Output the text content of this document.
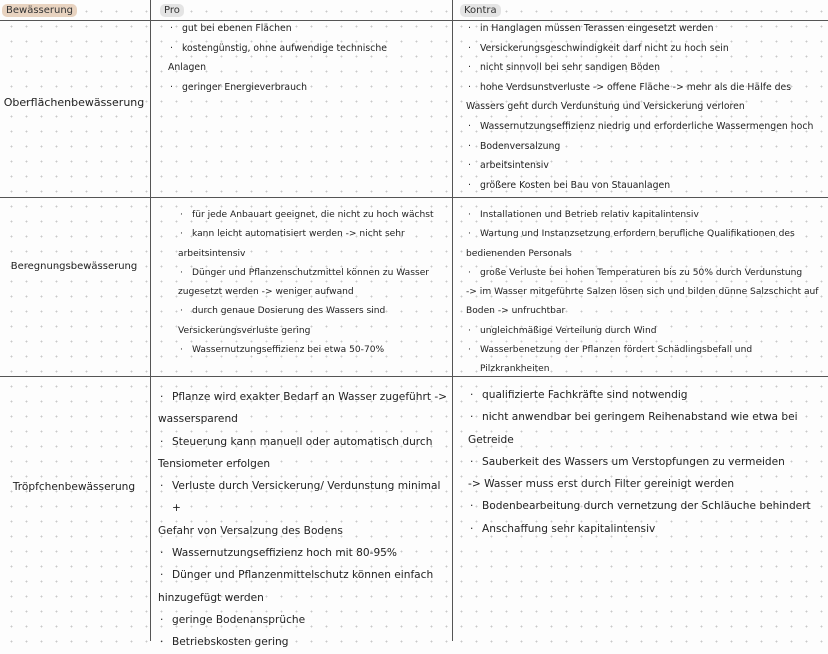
Bewässerung	Pro	Kontra
Oberflächenbewässerung
Beregnungsbewässerung
Tröpfchenbewässerung
· gut bei ebenen Flächen
· kostengünstig, ohne aufwendige technische
Anlagen
· geringer Energieverbrauch
· in Hanglagen müssen Terassen eingesetzt werden
· Versickerungsgeschwindigkeit darf nicht zu hoch sein
· nicht sinnvoll bei sehr sandigen Böden
· hohe Verdsunstverluste -> offene Fläche -> mehr als die Hälfe des
Wassers geht durch Verdunstung und Versickerung verloren
· Wassernutzungseffizienz niedrig und erforderliche Wassermengen hoch
· Bodenversalzung
· arbeitsintensiv
· größere Kosten bei Bau von Stauanlagen
· für jede Anbauart geeignet, die nicht zu hoch wächst
· kann leicht automatisiert werden -> nicht sehr
arbeitsintensiv
· Dünger und Pflanzenschutzmittel können zu Wasser
zugesetzt werden -> weniger aufwand
· durch genaue Dosierung des Wassers sind
Versickerungsverluste gering
· Wassernutzungseffizienz bei etwa 50-70%
· Installationen und Betrieb relativ kapitalintensiv
· Wartung und Instanzsetzung erfordern berufliche Qualifikationen des
bedienenden Personals
· große Verluste bei hohen Temperaturen bis zu 50% durch Verdunstung
-> im Wasser mitgeführte Salzen lösen sich und bilden dünne Salzschicht auf
Boden -> unfruchtbar
· ungleichmäßige Verteilung durch Wind
· Wasserbenetzung der Pflanzen fördert Schädlingsbefall und Pilzkrankheiten
· Pflanze wird exakter Bedarf an Wasser zugeführt ->
wassersparend
· Steuerung kann manuell oder automatisch durch
Tensiometer erfolgen
· Verluste durch Versickerung/ Verdunstung minimal +
Gefahr von Versalzung des Bodens
· Wassernutzungseffizienz hoch mit 80-95%
· Dünger und Pflanzenmittelschutz können einfach
hinzugefügt werden
· geringe Bodenansprüche
· Betriebskosten gering
· qualifizierte Fachkräfte sind notwendig
· nicht anwendbar bei geringem Reihenabstand wie etwa bei
Getreide
· Sauberkeit des Wassers um Verstopfungen zu vermeiden
-> Wasser muss erst durch Filter gereinigt werden
· Bodenbearbeitung durch vernetzung der Schläuche behindert
· Anschaffung sehr kapitalintensiv
